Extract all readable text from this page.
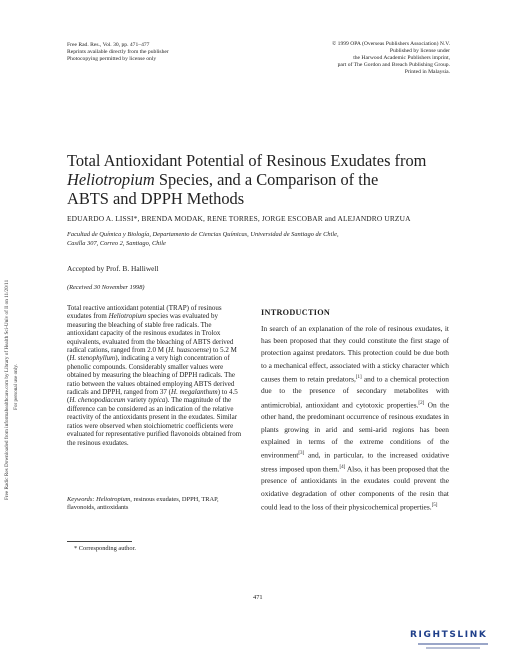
Free Radic Res Downloaded from informahealthcare.com by Library of Health Sci-Univ of Il on 11/20/11 For personal use only.
Free Rad. Res., Vol. 30, pp. 471–477
Reprints available directly from the publisher
Photocopying permitted by license only
© 1999 OPA (Overseas Publishers Association) N.V.
Published by license under
the Harwood Academic Publishers imprint,
part of The Gordon and Breach Publishing Group.
Printed in Malaysia.
Total Antioxidant Potential of Resinous Exudates from
Heliotropium Species, and a Comparison of the
ABTS and DPPH Methods
EDUARDO A. LISSI*, BRENDA MODAK, RENE TORRES, JORGE ESCOBAR and ALEJANDRO URZUA
Facultad de Química y Biología, Departamento de Ciencias Químicas, Universidad de Santiago de Chile,
Casilla 307, Correo 2, Santiago, Chile
Accepted by Prof. B. Halliwell
(Received 30 November 1998)
Total reactive antioxidant potential (TRAP) of resinous exudates from Heliotropium species was evaluated by measuring the bleaching of stable free radicals. The antioxidant capacity of the resinous exudates in Trolox equivalents, evaluated from the bleaching of ABTS derived radical cations, ranged from 2.0 M (H. huascoense) to 5.2 M (H. stenophyllum), indicating a very high concentration of phenolic compounds. Considerably smaller values were obtained by measuring the bleaching of DPPH radicals. The ratio between the values obtained employing ABTS derived radicals and DPPH, ranged from 37 (H. megalanthum) to 4.5 (H. chenopodiaceum variety typica). The magnitude of the difference can be considered as an indication of the relative reactivity of the antioxidants present in the exudates. Similar ratios were observed when stoichiometric coefficients were evaluated for representative purified flavonoids obtained from the resinous exudates.
Keywords: Heliotropium, resinous exudates, DPPH, TRAP, flavonoids, antioxidants
INTRODUCTION
In search of an explanation of the role of resinous exudates, it has been proposed that they could constitute the first stage of protection against predators. This protection could be due both to a mechanical effect, associated with a sticky character which causes them to retain predators,[1] and to a chemical protection due to the presence of secondary metabolites with antimicrobial, antioxidant and cytotoxic properties.[2] On the other hand, the predominant occurrence of resinous exudates in plants growing in arid and semi-arid regions has been explained in terms of the extreme conditions of the environment[3] and, in particular, to the increased oxidative stress imposed upon them.[4] Also, it has been proposed that the presence of antioxidants in the exudates could prevent the oxidative degradation of other components of the resin that could lead to the loss of their physicochemical properties.[5]
* Corresponding author.
471
RIGHTSLINK
